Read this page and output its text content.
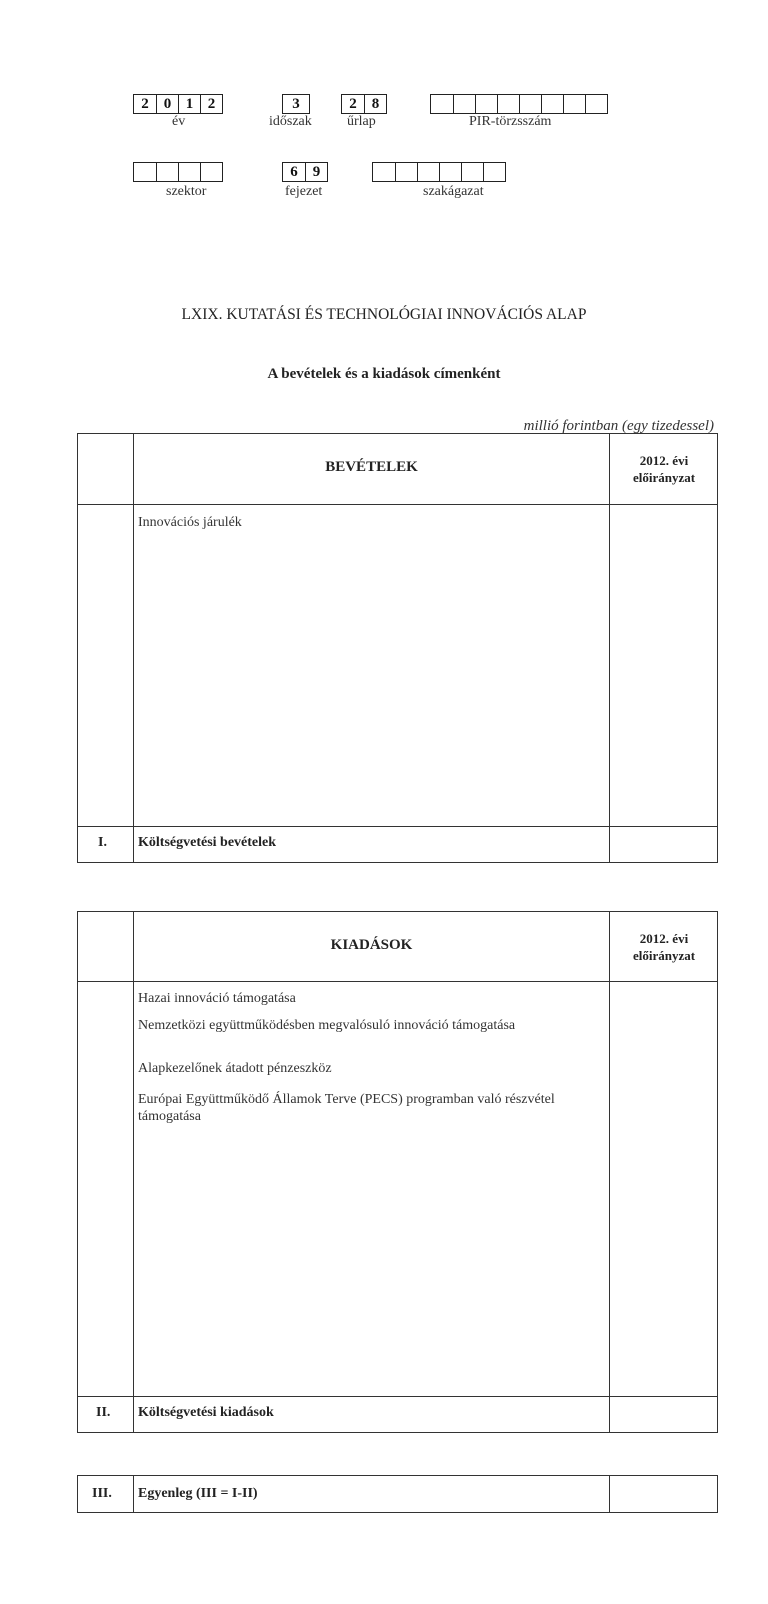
2	0 1 2
év
3
időszak
2	8
űrlap	PIR-törzsszám
szektor
6	9
fejezet	szakágazat
LXIX. KUTATÁSI ÉS TECHNOLÓGIAI INNOVÁCIÓS ALAP
A bevételek és a kiadások címenként
millió forintban (egy tizedessel)
BEVÉTELEK	2012. évi
előirányzat
Innovációs járulék
I. Költségvetési bevételek
KIADÁSOK	2012. évi
előirányzat
Hazai innováció támogatása
Nemzetközi együttműködésben megvalósuló innováció támogatása
Alapkezelőnek átadott pénzeszköz
Európai Együttműködő Államok Terve (PECS) programban való részvétel támogatása
II. Költségvetési kiadások
III. Egyenleg (III = I-II)
